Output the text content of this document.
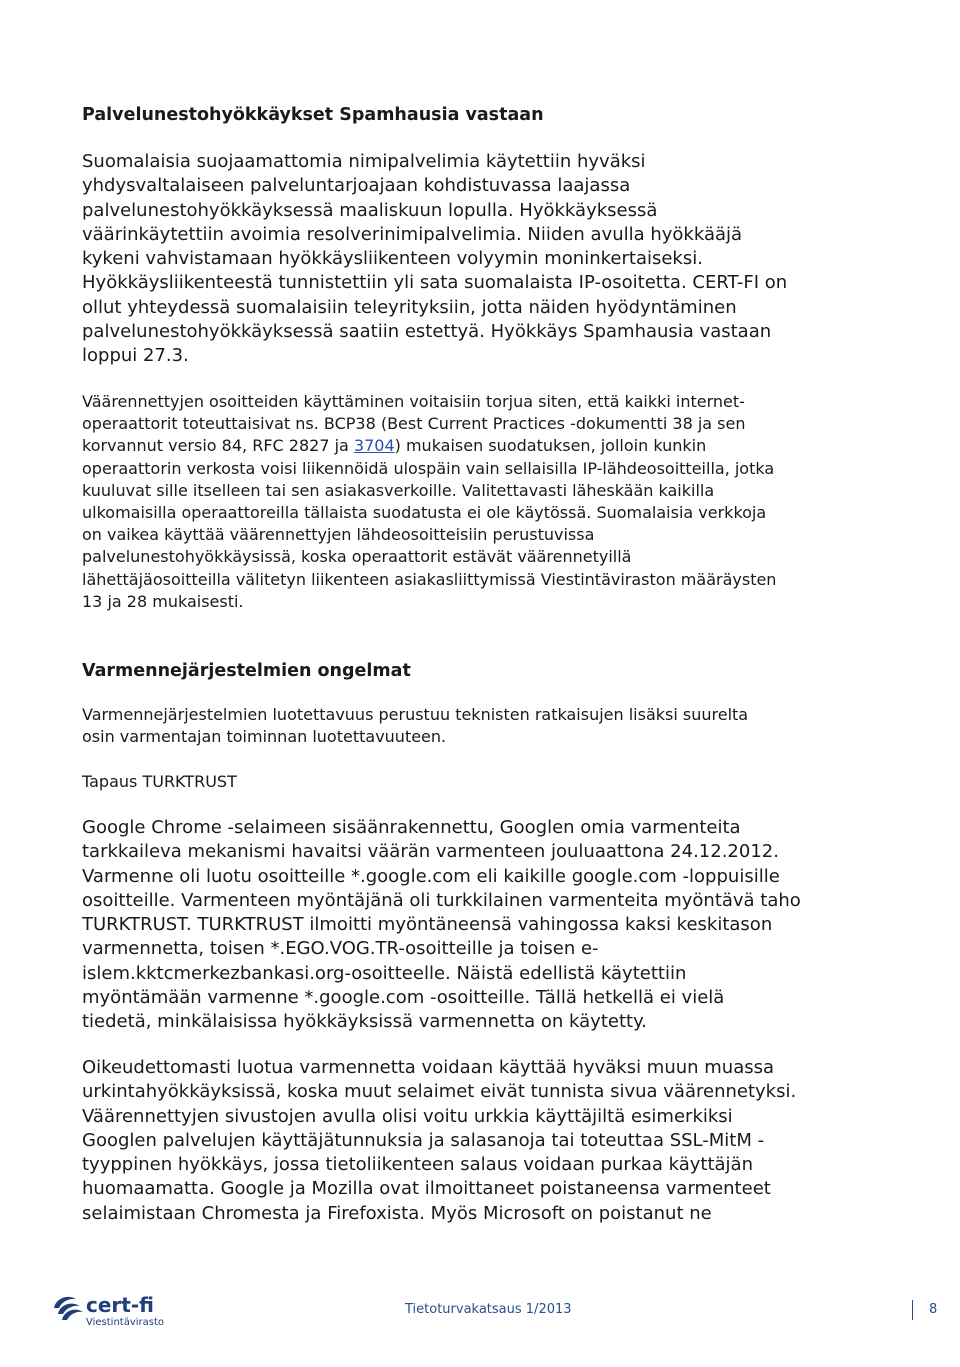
Palvelunestohyökkäykset Spamhausia vastaan

Suomalaisia suojaamattomia nimipalvelimia käytettiin hyväksi
yhdysvaltalaiseen palveluntarjoajaan kohdistuvassa laajassa
palvelunestohyökkäyksessä maaliskuun lopulla. Hyökkäyksessä
väärinkäytettiin avoimia resolverinimipalvelimia. Niiden avulla hyökkääjä
kykeni vahvistamaan hyökkäysliikenteen volyymin moninkertaiseksi.
Hyökkäysliikenteestä tunnistettiin yli sata suomalaista IP-osoitetta. CERT-FI on
ollut yhteydessä suomalaisiin teleyrityksiin, jotta näiden hyödyntäminen
palvelunestohyökkäyksessä saatiin estettyä. Hyökkäys Spamhausia vastaan
loppui 27.3.

Väärennettyjen osoitteiden käyttäminen voitaisiin torjua siten, että kaikki internet-
operaattorit toteuttaisivat ns. BCP38 (Best Current Practices -dokumentti 38 ja sen
korvannut versio 84, RFC 2827 ja 3704) mukaisen suodatuksen, jolloin kunkin
operaattorin verkosta voisi liikennöidä ulospäin vain sellaisilla IP-lähdeosoitteilla, jotka
kuuluvat sille itselleen tai sen asiakasverkoille. Valitettavasti läheskään kaikilla
ulkomaisilla operaattoreilla tällaista suodatusta ei ole käytössä. Suomalaisia verkkoja
on vaikea käyttää väärennettyjen lähdeosoitteisiin perustuvissa
palvelunestohyökkäysissä, koska operaattorit estävät väärennetyillä
lähettäjäosoitteilla välitetyn liikenteen asiakasliittymissä Viestintäviraston määräysten
13 ja 28 mukaisesti.

Varmennejärjestelmien ongelmat

Varmennejärjestelmien luotettavuus perustuu teknisten ratkaisujen lisäksi suurelta
osin varmentajan toiminnan luotettavuuteen.

Tapaus TURKTRUST

Google Chrome -selaimeen sisäänrakennettu, Googlen omia varmenteita
tarkkaileva mekanismi havaitsi väärän varmenteen jouluaattona 24.12.2012.
Varmenne oli luotu osoitteille *.google.com eli kaikille google.com -loppuisille
osoitteille. Varmenteen myöntäjänä oli turkkilainen varmenteita myöntävä taho
TURKTRUST. TURKTRUST ilmoitti myöntäneensä vahingossa kaksi keskitason
varmennetta, toisen *.EGO.VOG.TR-osoitteille ja toisen e-
islem.kktcmerkezbankasi.org-osoitteelle. Näistä edellistä käytettiin
myöntämään varmenne *.google.com -osoitteille. Tällä hetkellä ei vielä
tiedetä, minkälaisissa hyökkäyksissä varmennetta on käytetty.

Oikeudettomasti luotua varmennetta voidaan käyttää hyväksi muun muassa
urkintahyökkäyksissä, koska muut selaimet eivät tunnista sivua väärennetyksi.
Väärennettyjen sivustojen avulla olisi voitu urkkia käyttäjiltä esimerkiksi
Googlen palvelujen käyttäjätunnuksia ja salasanoja tai toteuttaa SSL-MitM -
tyyppinen hyökkäys, jossa tietoliikenteen salaus voidaan purkaa käyttäjän
huomaamatta. Google ja Mozilla ovat ilmoittaneet poistaneensa varmenteet
selaimistaan Chromesta ja Firefoxista. Myös Microsoft on poistanut ne

cert-fi
Viestintävirasto
Tietoturvakatsaus 1/2013	8
